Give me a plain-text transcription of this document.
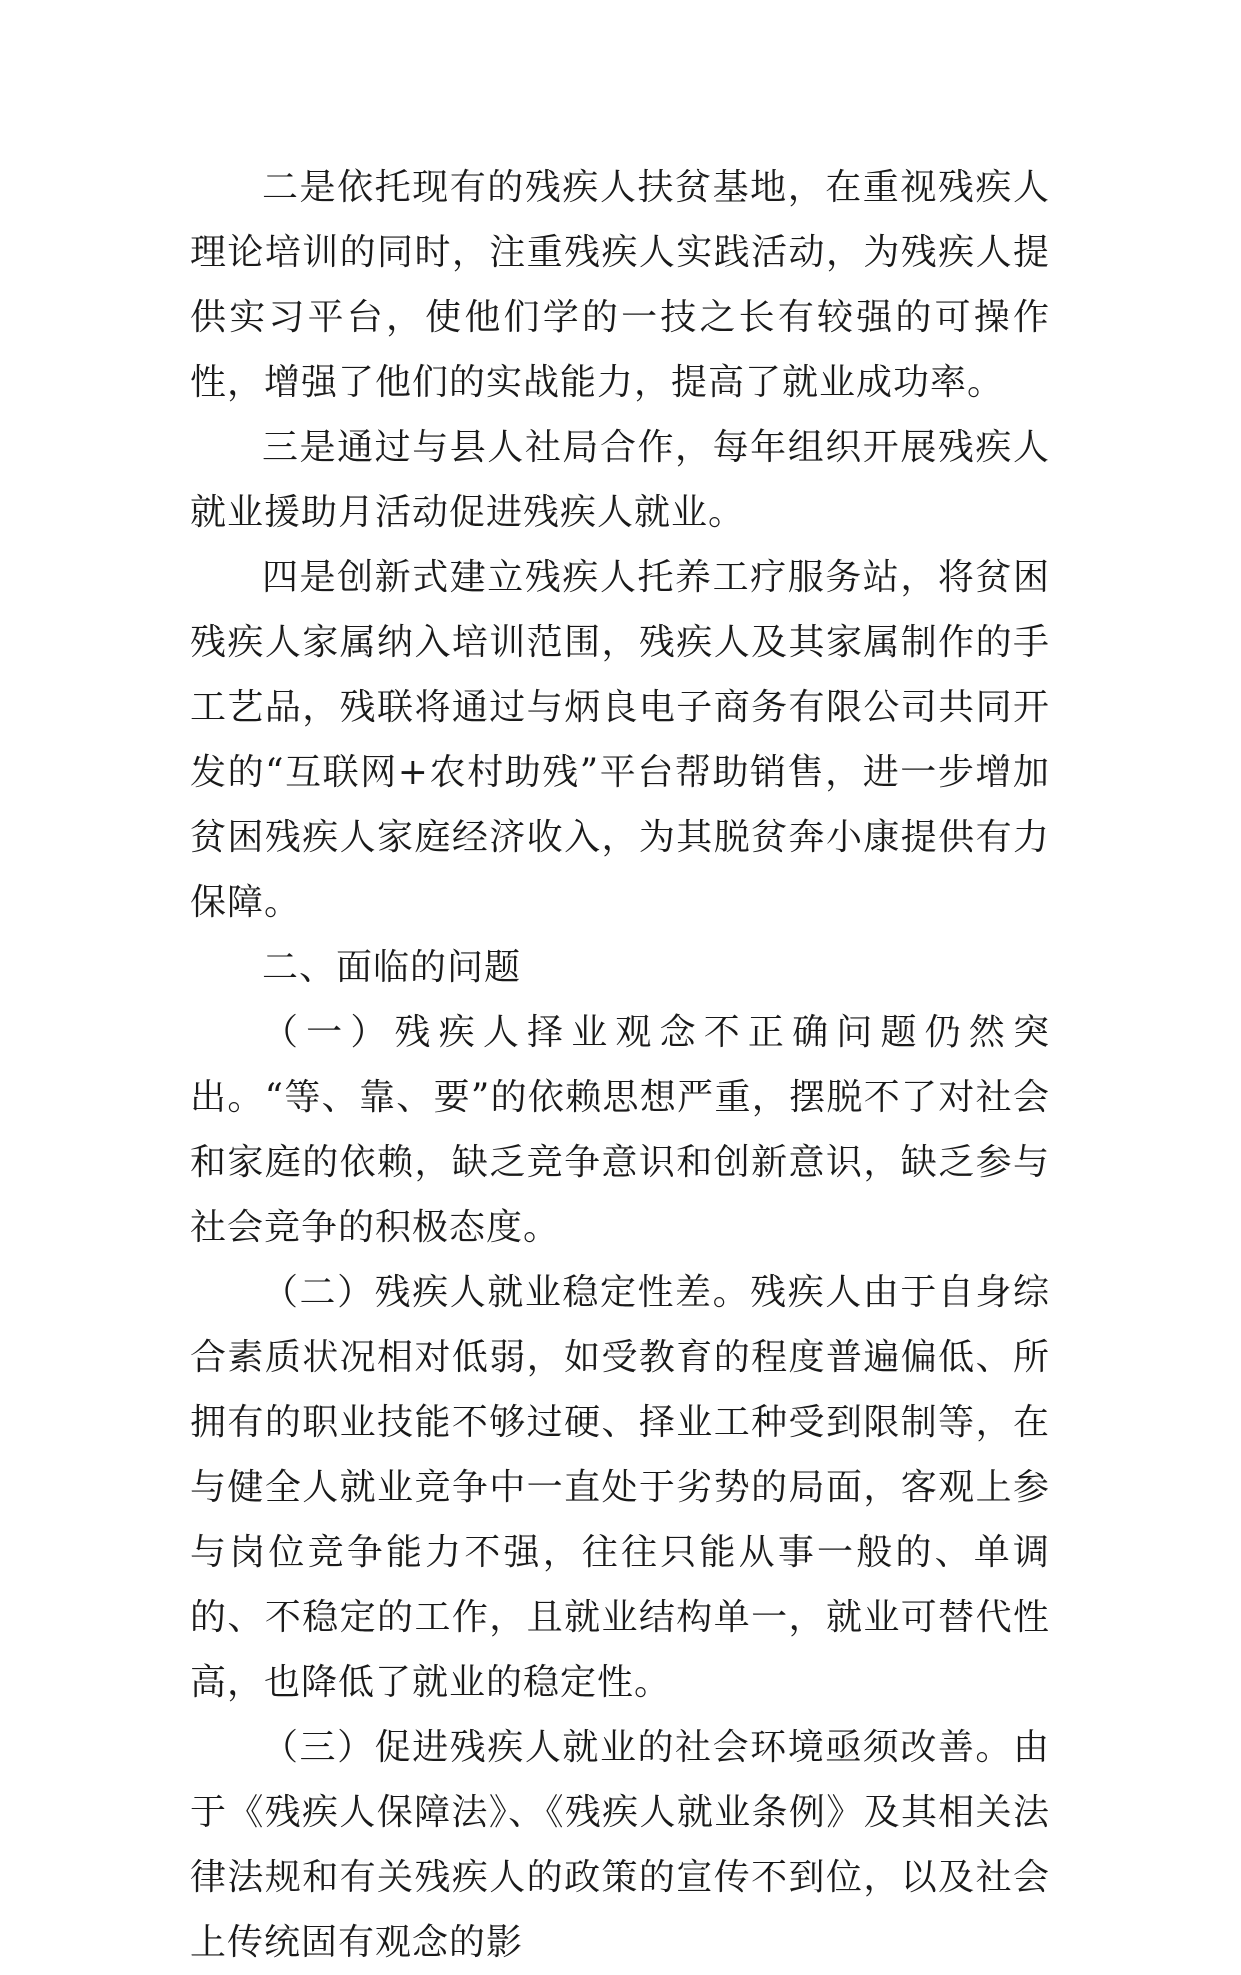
二是依托现有的残疾人扶贫基地，在重视残疾人理论培训的同时，注重残疾人实践活动，为残疾人提供实习平台，使他们学的一技之长有较强的可操作性，增强了他们的实战能力，提高了就业成功率。

三是通过与县人社局合作，每年组织开展残疾人就业援助月活动促进残疾人就业。

四是创新式建立残疾人托养工疗服务站，将贫困残疾人家属纳入培训范围，残疾人及其家属制作的手工艺品，残联将通过与炳良电子商务有限公司共同开发的“互联网+农村助残”平台帮助销售，进一步增加贫困残疾人家庭经济收入，为其脱贫奔小康提供有力保障。

二、面临的问题

（一）残疾人择业观念不正确问题仍然突出。“等、靠、要”的依赖思想严重，摆脱不了对社会和家庭的依赖，缺乏竞争意识和创新意识，缺乏参与社会竞争的积极态度。

（二）残疾人就业稳定性差。残疾人由于自身综合素质状况相对低弱，如受教育的程度普遍偏低、所拥有的职业技能不够过硬、择业工种受到限制等，在与健全人就业竞争中一直处于劣势的局面，客观上参与岗位竞争能力不强，往往只能从事一般的、单调的、不稳定的工作，且就业结构单一，就业可替代性高，也降低了就业的稳定性。

（三）促进残疾人就业的社会环境亟须改善。由于《残疾人保障法》、《残疾人就业条例》及其相关法律法规和有关残疾人的政策的宣传不到位，以及社会上传统固有观念的影
